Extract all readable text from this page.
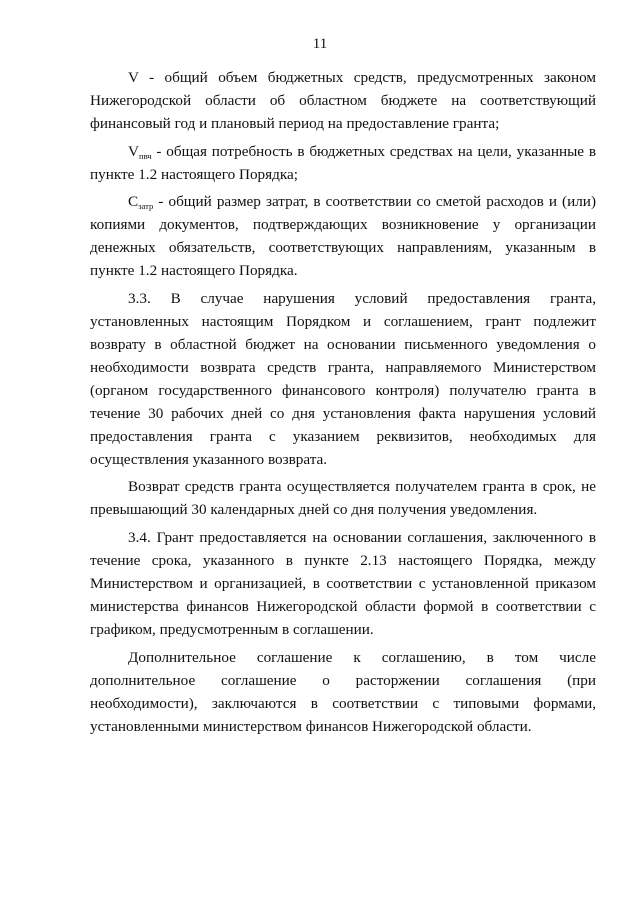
11

V - общий объем бюджетных средств, предусмотренных законом Нижегородской области об областном бюджете на соответствующий финансовый год и плановый период на предоставление гранта;

$V_{пвч}$ - общая потребность в бюджетных средствах на цели, указанные в пункте 1.2 настоящего Порядка;

$С_{затр}$ - общий размер затрат, в соответствии со сметой расходов и (или) копиями документов, подтверждающих возникновение у организации денежных обязательств, соответствующих направлениям, указанным в пункте 1.2 настоящего Порядка.

3.3. В случае нарушения условий предоставления гранта, установленных настоящим Порядком и соглашением, грант подлежит возврату в областной бюджет на основании письменного уведомления о необходимости возврата средств гранта, направляемого Министерством (органом государственного финансового контроля) получателю гранта в течение 30 рабочих дней со дня установления факта нарушения условий предоставления гранта с указанием реквизитов, необходимых для осуществления указанного возврата.

Возврат средств гранта осуществляется получателем гранта в срок, не превышающий 30 календарных дней со дня получения уведомления.

3.4. Грант предоставляется на основании соглашения, заключенного в течение срока, указанного в пункте 2.13 настоящего Порядка, между Министерством и организацией, в соответствии с установленной приказом министерства финансов Нижегородской области формой в соответствии с графиком, предусмотренным в соглашении.

Дополнительное соглашение к соглашению, в том числе дополнительное соглашение о расторжении соглашения (при необходимости), заключаются в соответствии с типовыми формами, установленными министерством финансов Нижегородской области.
